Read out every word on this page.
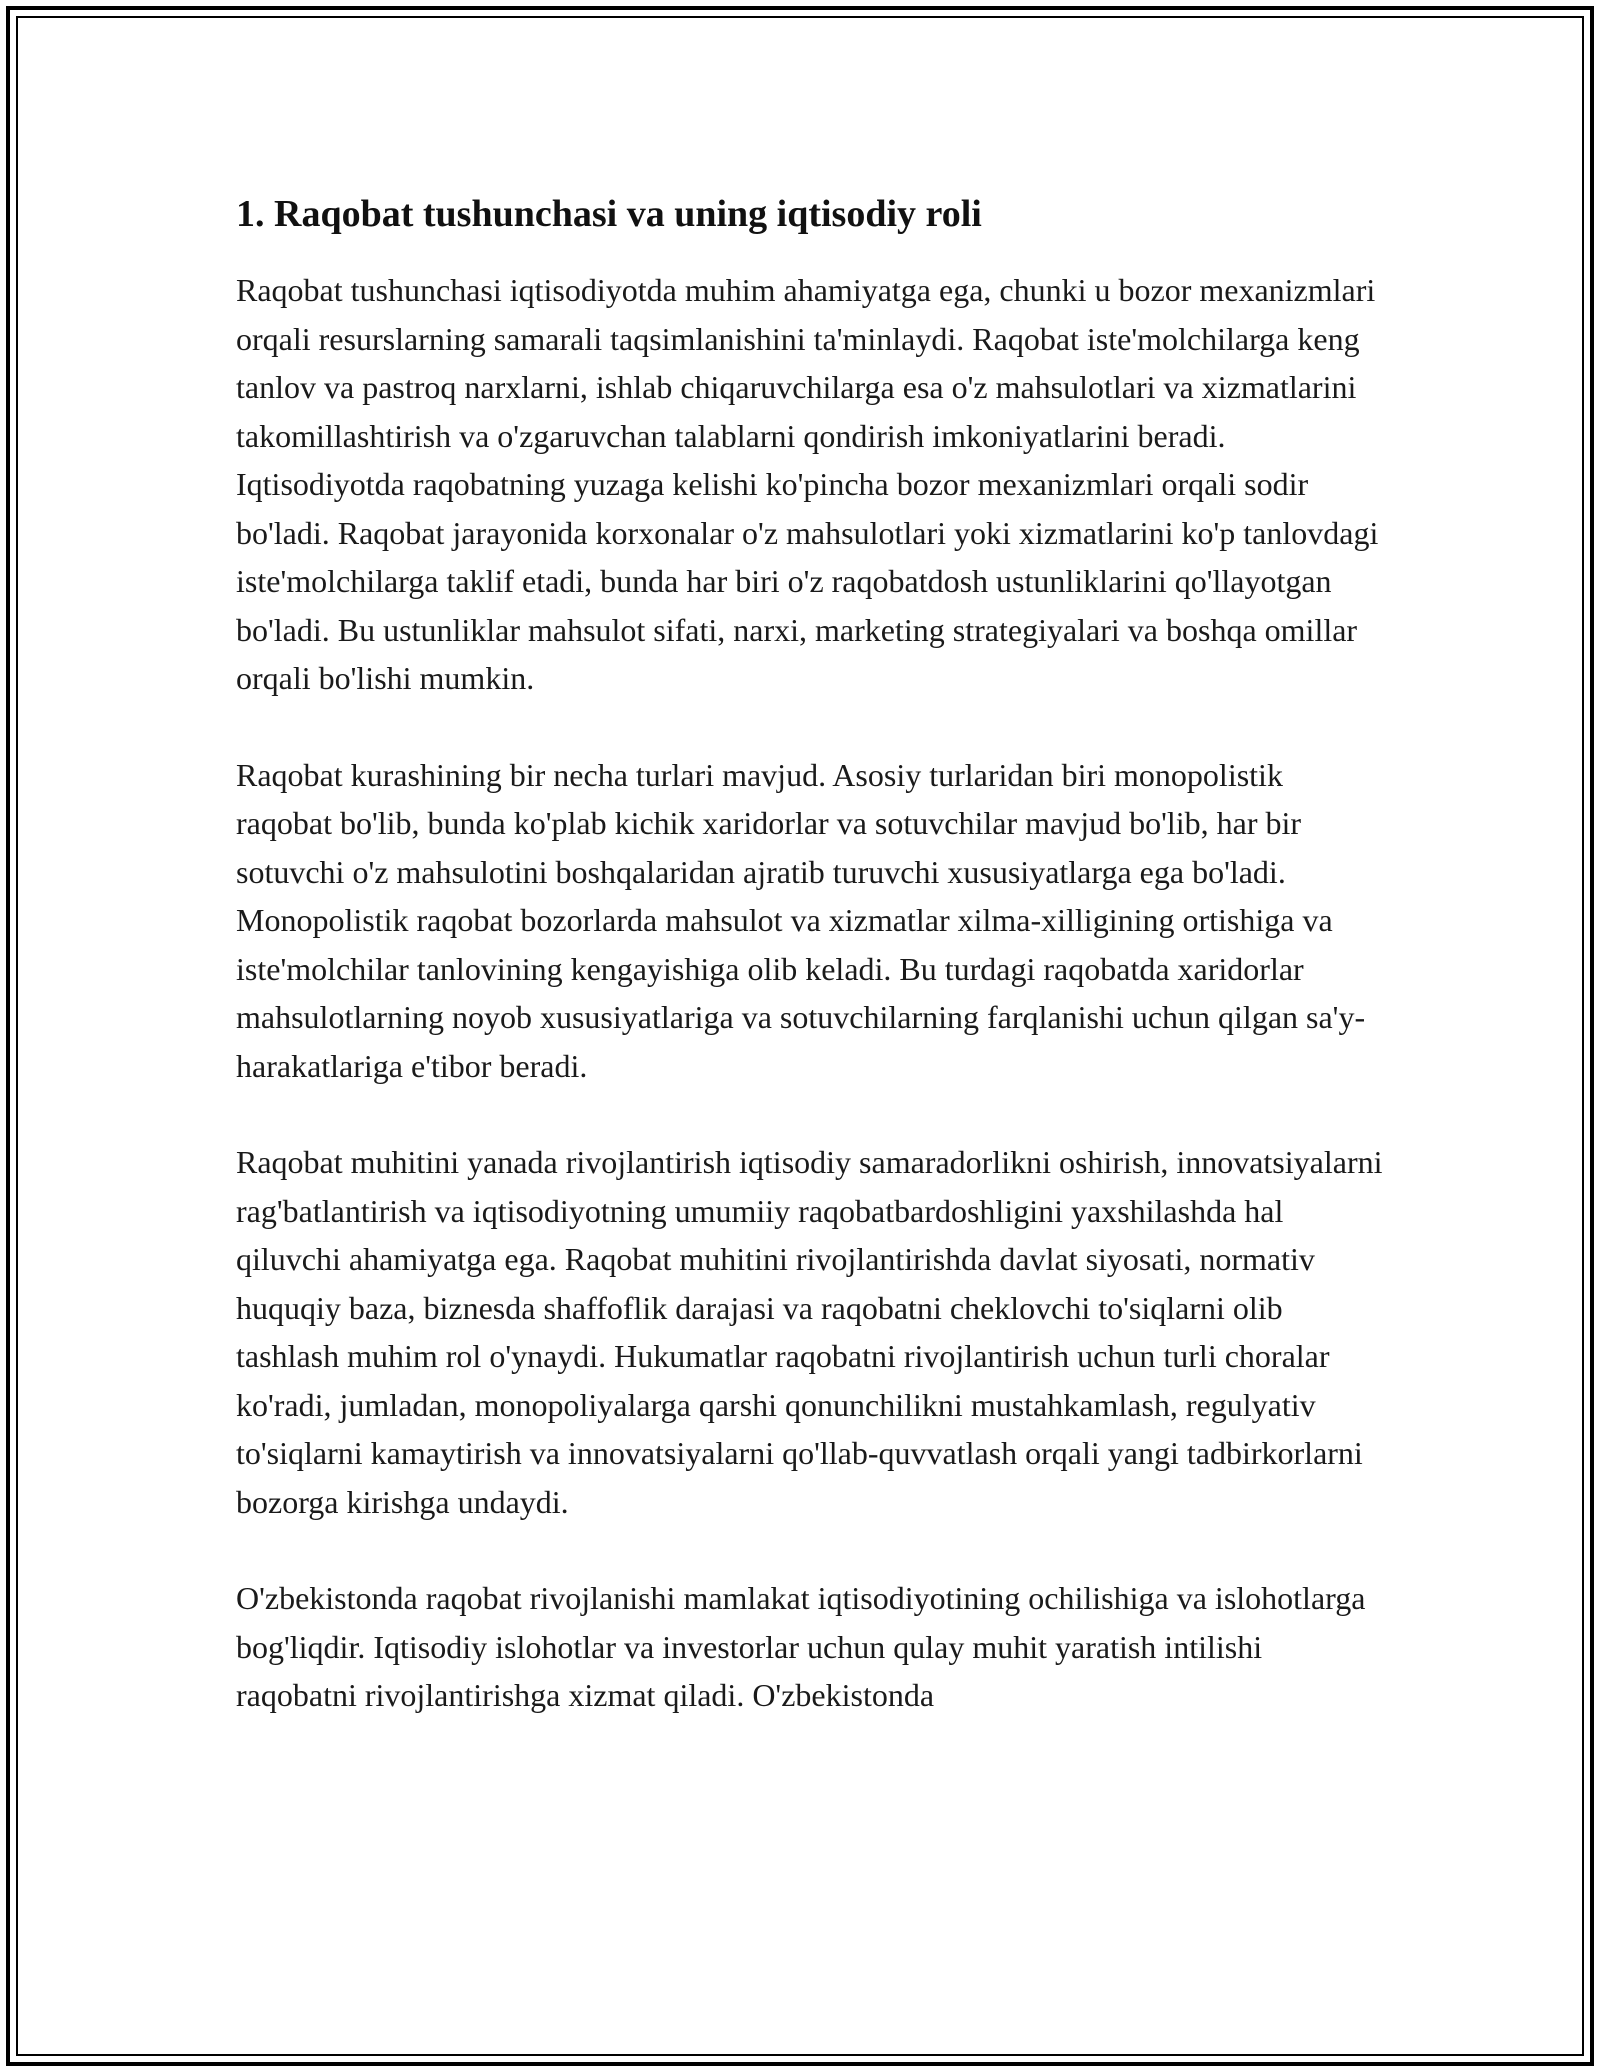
1. Raqobat tushunchasi va uning iqtisodiy roli

Raqobat tushunchasi iqtisodiyotda muhim ahamiyatga ega, chunki u bozor mexanizmlari orqali resurslarning samarali taqsimlanishini ta'minlaydi. Raqobat iste'molchilarga keng tanlov va pastroq narxlarni, ishlab chiqaruvchilarga esa o'z mahsulotlari va xizmatlarini takomillashtirish va o'zgaruvchan talablarni qondirish imkoniyatlarini beradi. Iqtisodiyotda raqobatning yuzaga kelishi ko'pincha bozor mexanizmlari orqali sodir bo'ladi. Raqobat jarayonida korxonalar o'z mahsulotlari yoki xizmatlarini ko'p tanlovdagi iste'molchilarga taklif etadi, bunda har biri o'z raqobatdosh ustunliklarini qo'llayotgan bo'ladi. Bu ustunliklar mahsulot sifati, narxi, marketing strategiyalari va boshqa omillar orqali bo'lishi mumkin.

Raqobat kurashining bir necha turlari mavjud. Asosiy turlaridan biri monopolistik raqobat bo'lib, bunda ko'plab kichik xaridorlar va sotuvchilar mavjud bo'lib, har bir sotuvchi o'z mahsulotini boshqalaridan ajratib turuvchi xususiyatlarga ega bo'ladi. Monopolistik raqobat bozorlarda mahsulot va xizmatlar xilma-xilligining ortishiga va iste'molchilar tanlovining kengayishiga olib keladi. Bu turdagi raqobatda xaridorlar mahsulotlarning noyob xususiyatlariga va sotuvchilarning farqlanishi uchun qilgan sa'y-harakatlariga e'tibor beradi.

Raqobat muhitini yanada rivojlantirish iqtisodiy samaradorlikni oshirish, innovatsiyalarni rag'batlantirish va iqtisodiyotning umumiiy raqobatbardoshligini yaxshilashda hal qiluvchi ahamiyatga ega. Raqobat muhitini rivojlantirishda davlat siyosati, normativ huquqiy baza, biznesda shaffoflik darajasi va raqobatni cheklovchi to'siqlarni olib tashlash muhim rol o'ynaydi. Hukumatlar raqobatni rivojlantirish uchun turli choralar ko'radi, jumladan, monopoliyalarga qarshi qonunchilikni mustahkamlash, regulyativ to'siqlarni kamaytirish va innovatsiyalarni qo'llab-quvvatlash orqali yangi tadbirkorlarni bozorga kirishga undaydi.

O'zbekistonda raqobat rivojlanishi mamlakat iqtisodiyotining ochilishiga va islohotlarga bog'liqdir. Iqtisodiy islohotlar va investorlar uchun qulay muhit yaratish intilishi raqobatni rivojlantirishga xizmat qiladi. O'zbekistonda
